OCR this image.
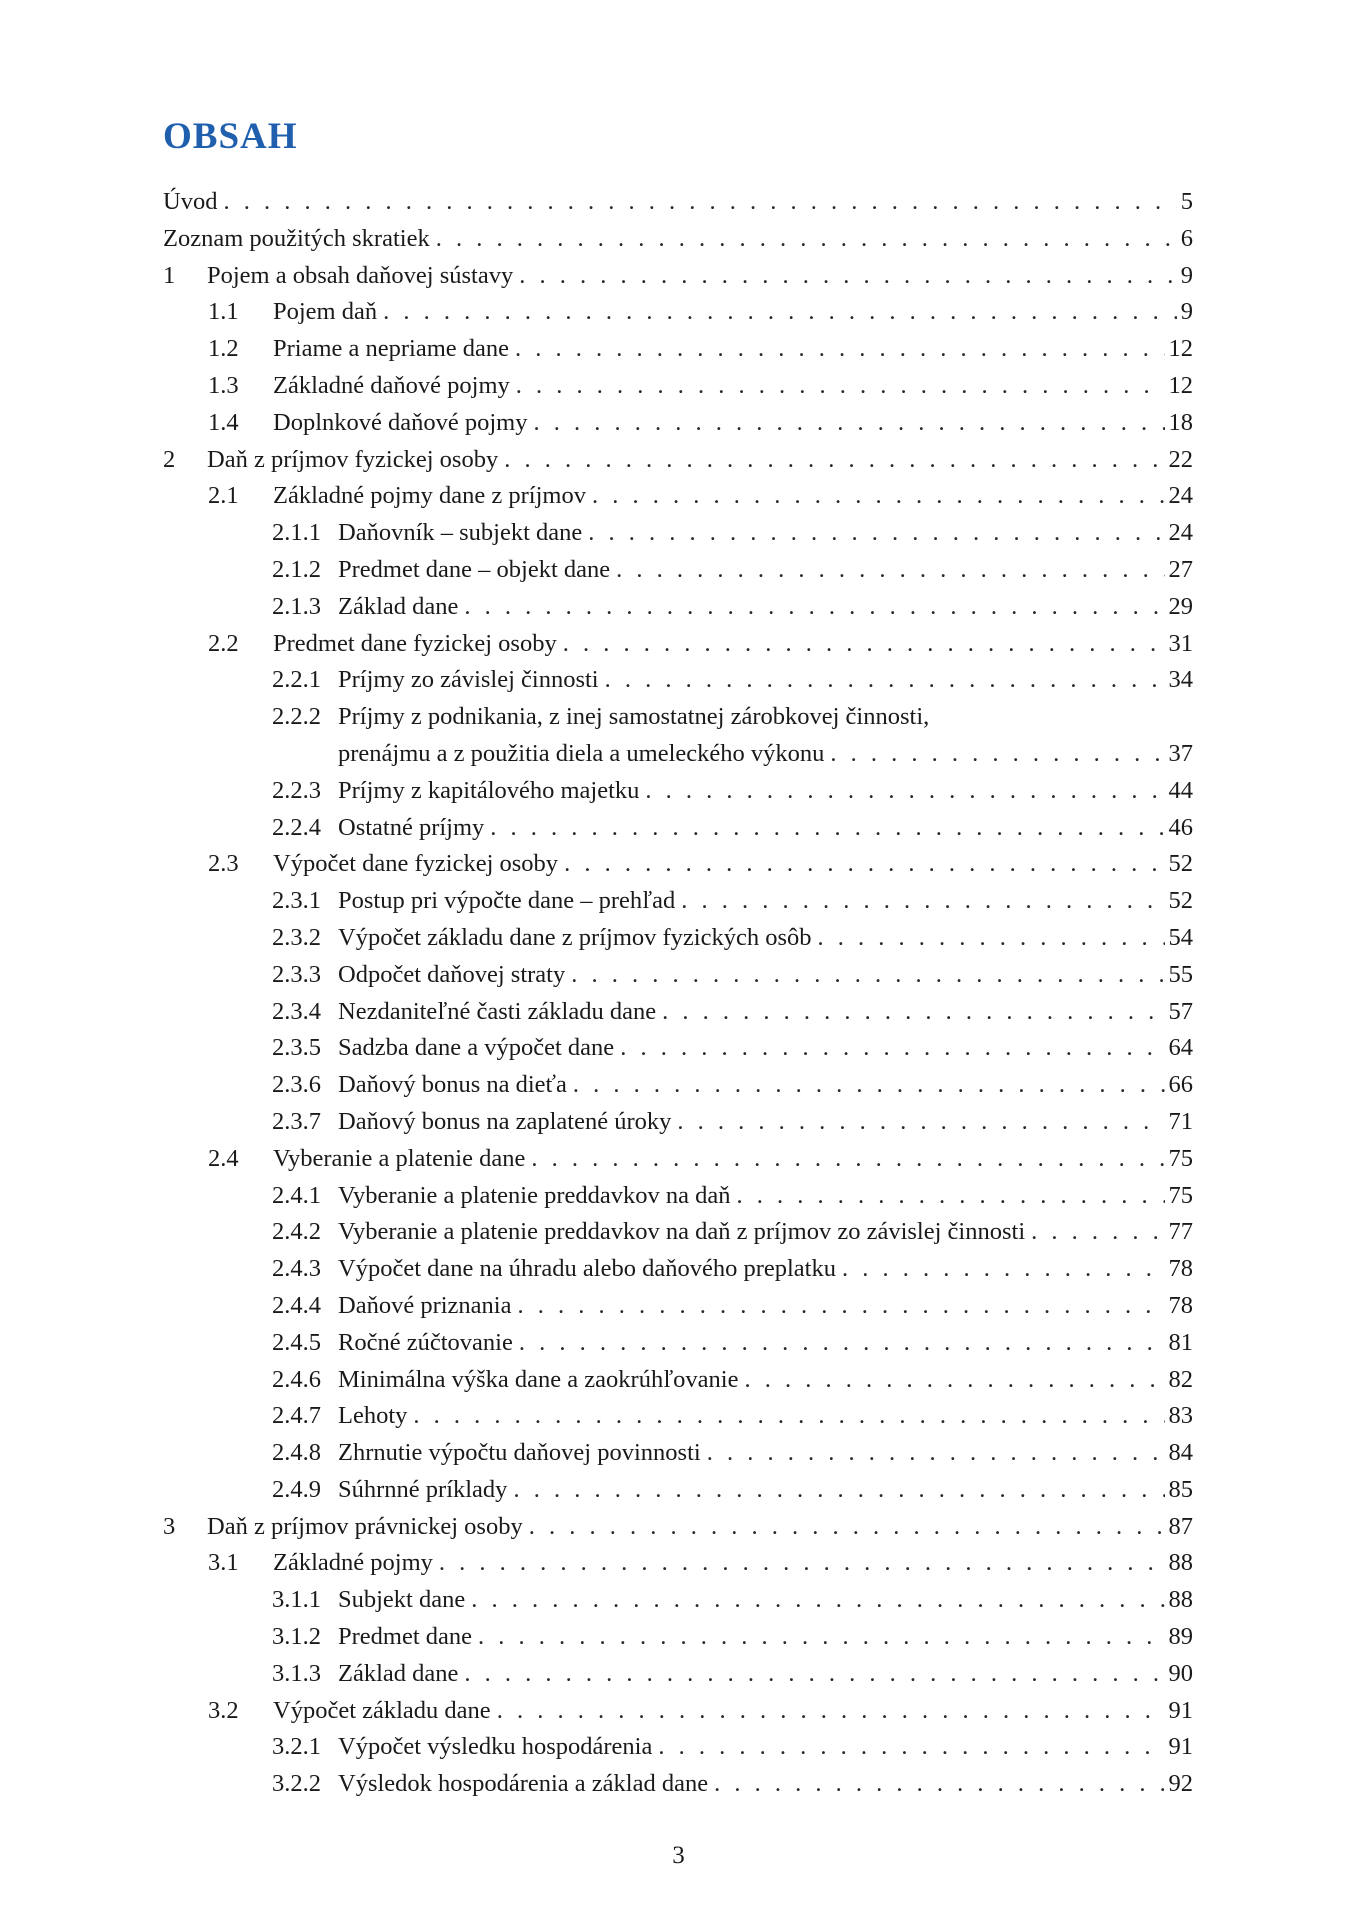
OBSAH
Úvod . . .	5
Zoznam použitých skratiek . . .	6
1	Pojem a obsah daňovej sústavy . . .	9
1.1	Pojem daň . . .	9
1.2	Priame a nepriame dane . . .	12
1.3	Základné daňové pojmy . . .	12
1.4	Doplnkové daňové pojmy . . .	18
2	Daň z príjmov fyzickej osoby . . .	22
2.1	Základné pojmy dane z príjmov . . .	24
2.1.1 Daňovník – subjekt dane . . .	24
2.1.2 Predmet dane – objekt dane . . .	27
2.1.3 Základ dane . . .	29
2.2	Predmet dane fyzickej osoby . . .	31
2.2.1 Príjmy zo závislej činnosti . . .	34
2.2.2 Príjmy z podnikania, z inej samostatnej zárobkovej činnosti,
prenájmu a z použitia diela a umeleckého výkonu . . .	37
2.2.3 Príjmy z kapitálového majetku . . .	44
2.2.4 Ostatné príjmy . . .	46
2.3	Výpočet dane fyzickej osoby . . .	52
2.3.1 Postup pri výpočte dane – prehľad . . .	52
2.3.2 Výpočet základu dane z príjmov fyzických osôb . . .	54
2.3.3 Odpočet daňovej straty . . .	55
2.3.4 Nezdaniteľné časti základu dane . . .	57
2.3.5 Sadzba dane a výpočet dane . . .	64
2.3.6 Daňový bonus na dieťa . . .	66
2.3.7 Daňový bonus na zaplatené úroky . . .	71
2.4	Vyberanie a platenie dane . . .	75
2.4.1 Vyberanie a platenie preddavkov na daň . . .	75
2.4.2 Vyberanie a platenie preddavkov na daň z príjmov zo závislej činnosti . . .	77
2.4.3 Výpočet dane na úhradu alebo daňového preplatku . . .	78
2.4.4 Daňové priznania . . .	78
2.4.5 Ročné zúčtovanie . . .	81
2.4.6 Minimálna výška dane a zaokrúhľovanie . . .	82
2.4.7 Lehoty . . .	83
2.4.8 Zhrnutie výpočtu daňovej povinnosti . . .	84
2.4.9 Súhrnné príklady . . .	85
3	Daň z príjmov právnickej osoby . . .	87
3.1	Základné pojmy . . .	88
3.1.1 Subjekt dane . . .	88
3.1.2 Predmet dane . . .	89
3.1.3 Základ dane . . .	90
3.2	Výpočet základu dane . . .	91
3.2.1 Výpočet výsledku hospodárenia . . .	91
3.2.2 Výsledok hospodárenia a základ dane . . .	92
3
